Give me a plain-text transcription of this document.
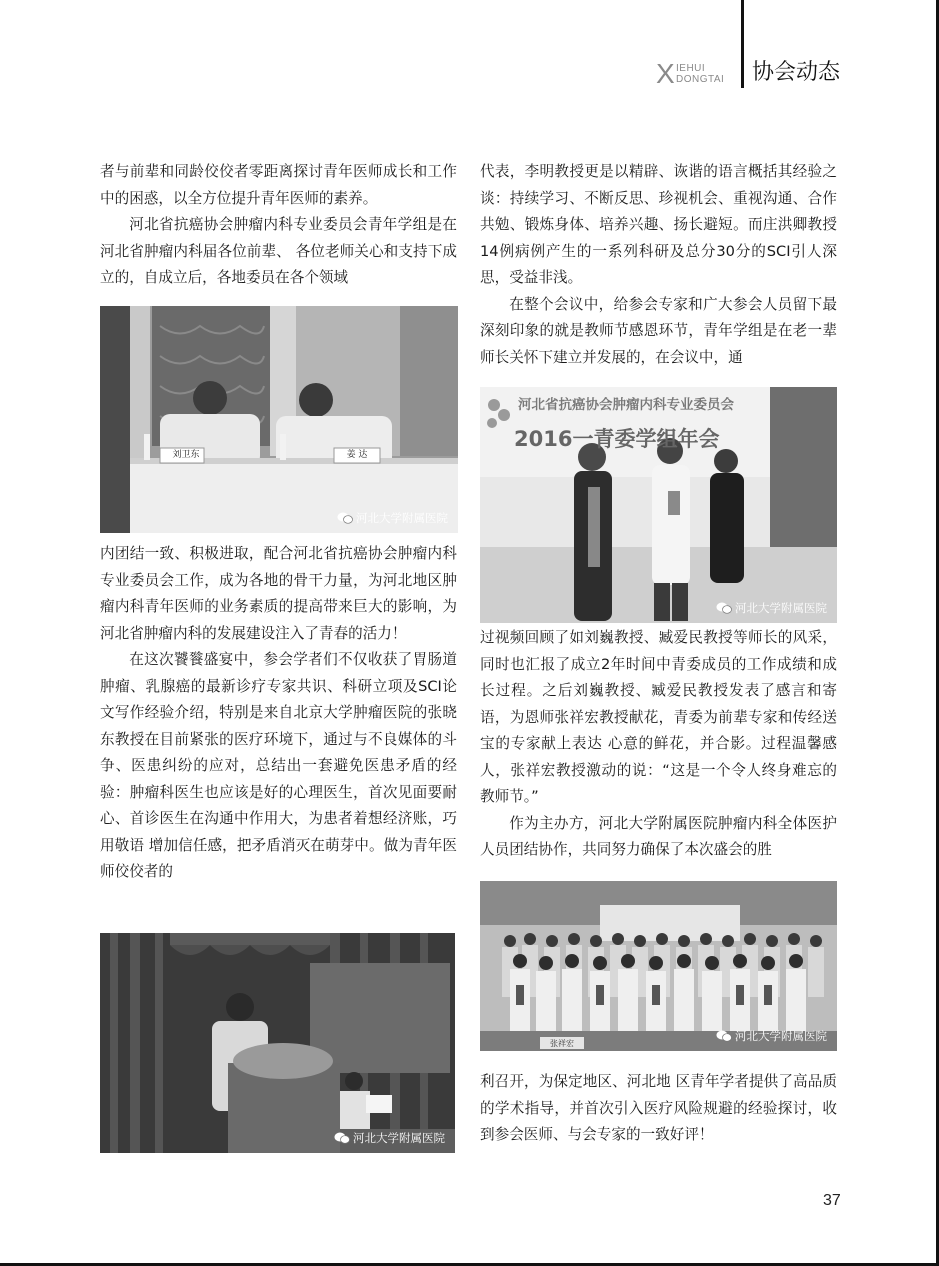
X IEHUI
DONGTAI 协会动态

者与前辈和同龄佼佼者零距离探讨青年医师成长和工作中的困惑，以全方位提升青年医师的素养。

河北省抗癌协会肿瘤内科专业委员会青年学组是在河北省肿瘤内科届各位前辈、 各位老师关心和支持下成立的，自成立后，各地委员在各个领域

刘卫东	姜 达
河北大学附属医院

内团结一致、积极进取，配合河北省抗癌协会肿瘤内科专业委员会工作，成为各地的骨干力量，为河北地区肿瘤内科青年医师的业务素质的提高带来巨大的影响，为河北省肿瘤内科的发展建设注入了青春的活力！

在这次饕餮盛宴中，参会学者们不仅收获了胃肠道肿瘤、乳腺癌的最新诊疗专家共识、科研立项及SCI论文写作经验介绍，特别是来自北京大学肿瘤医院的张晓东教授在目前紧张的医疗环境下，通过与不良媒体的斗争、医患纠纷的应对，总结出一套避免医患矛盾的经验：肿瘤科医生也应该是好的心理医生，首次见面要耐心、首诊医生在沟通中作用大，为患者着想经济账，巧用敬语 增加信任感，把矛盾消灭在萌芽中。做为青年医师佼佼者的

河北大学附属医院

代表，李明教授更是以精辟、诙谐的语言概括其经验之谈：持续学习、不断反思、珍视机会、重视沟通、合作共勉、锻炼身体、培养兴趣、扬长避短。而庄洪卿教授14例病例产生的一系列科研及总分30分的SCI引人深思，受益非浅。

在整个会议中，给参会专家和广大参会人员留下最深刻印象的就是教师节感恩环节，青年学组是在老一辈师长关怀下建立并发展的，在会议中，通

河北省抗癌协会肿瘤内科专业委员会
2016一青委学组年会
河北大学附属医院

过视频回顾了如刘巍教授、臧爱民教授等师长的风采，同时也汇报了成立2年时间中青委成员的工作成绩和成长过程。之后刘巍教授、臧爱民教授发表了感言和寄语，为恩师张祥宏教授献花，青委为前辈专家和传经送宝的专家献上表达 心意的鲜花，并合影。过程温馨感人，张祥宏教授激动的说：“这是一个令人终身难忘的教师节。”

作为主办方，河北大学附属医院肿瘤内科全体医护人员团结协作，共同努力确保了本次盛会的胜

张祥宏
河北大学附属医院

利召开，为保定地区、河北地 区青年学者提供了高品质的学术指导，并首次引入医疗风险规避的经验探讨，收到参会医师、与会专家的一致好评！

37
